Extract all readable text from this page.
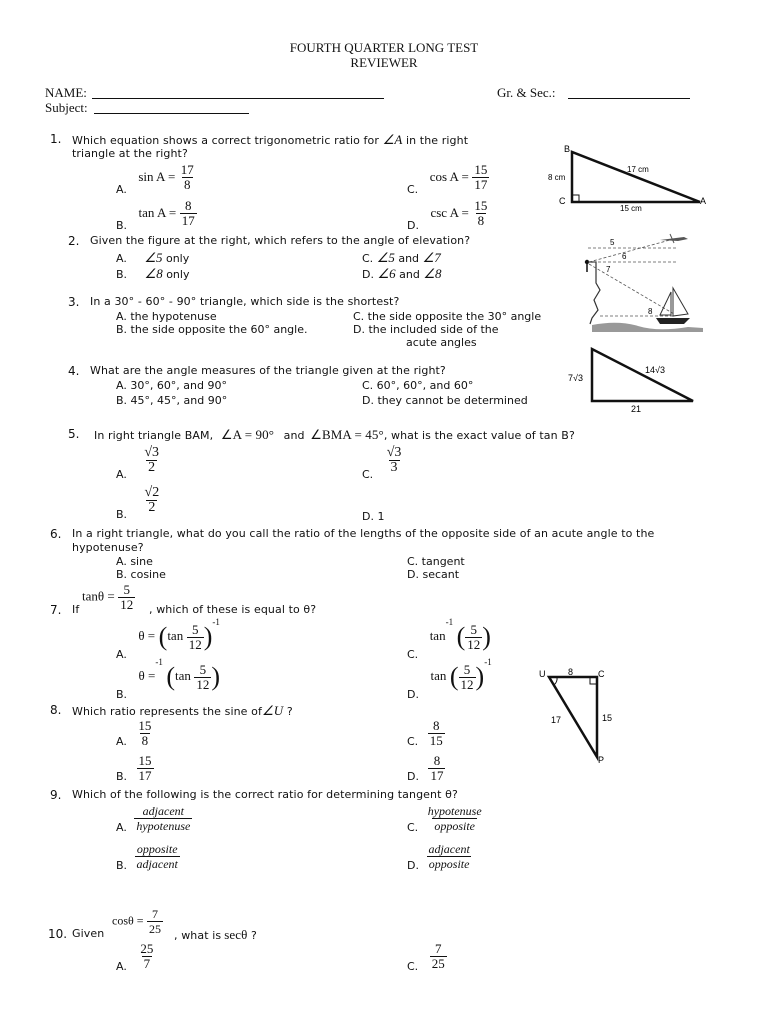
FOURTH QUARTER LONG TEST
REVIEWER
NAME:	Gr. & Sec.:
Subject:
1. Which equation shows a correct trigonometric ratio for ∠A in the right
triangle at the right?
A. $\sin A = \frac{17}{8}$
B. $\tan A = \frac{8}{17}$
C. $\cos A = \frac{15}{17}$
D. $\csc A = \frac{15}{8}$
B
C	A
17 cm
8 cm
15 cm
2. Given the figure at the right, which refers to the angle of elevation?
A. ∠5 only
B. ∠8 only
C. ∠5 and ∠7
D. ∠6 and ∠8
5
6
7
8
3. In a 30° - 60° - 90° triangle, which side is the shortest?
A. the hypotenuse
B. the side opposite the 60° angle.
C. the side opposite the 30° angle
D. the included side of the
acute angles
4. What are the angle measures of the triangle given at the right?
A. 30°, 60°, and 90°
B. 45°, 45°, and 90°
C. 60°, 60°, and 60°
D. they cannot be determined
7√3
14√3
21
5. In right triangle BAM, ∠A = 90° and ∠BMA = 45°, what is the exact value of tan B?
A. $\frac{√3}{2}$
B. $\frac{√2}{2}$
C. $\frac{√3}{3}$
D. 1
6. In a right triangle, what do you call the ratio of the lengths of the opposite side of an acute angle to the
hypotenuse?
A. sine
B. cosine
C. tangent
D. secant
$\tan\theta = \frac{5}{12}$
7. If	, which of these is equal to θ?
A. $\theta = (\tan \frac{5}{12} )^{-1}$
B. θ =$^{-1}$ ($\tan \frac{5}{12}$ )
C. $\tan^{-1}$ ( $\frac{5}{12}$ )
D. tan ( $\frac{5}{12} )^{-1}$
U	C
P
8
17	15
8. Which ratio represents the sine of∠U ?
A. $\frac{15}{8}$
B. $\frac{15}{17}$
C. $\frac{8}{15}$
D. $\frac{8}{17}$
9. Which of the following is the correct ratio for determining tangent θ?
A. $\frac{\text{adjacent}}{\text{hypotenuse}}$
B. $\frac{\text{opposite}}{\text{adjacent}}$
C. $\frac{\text{hypotenuse}}{\text{opposite}}$
D. $\frac{\text{adjacent}}{\text{opposite}}$
$\cos\theta = \frac{7}{25}$
10. Given	, what is secθ ?
A. $\frac{25}{7}$	C. $\frac{7}{25}$
